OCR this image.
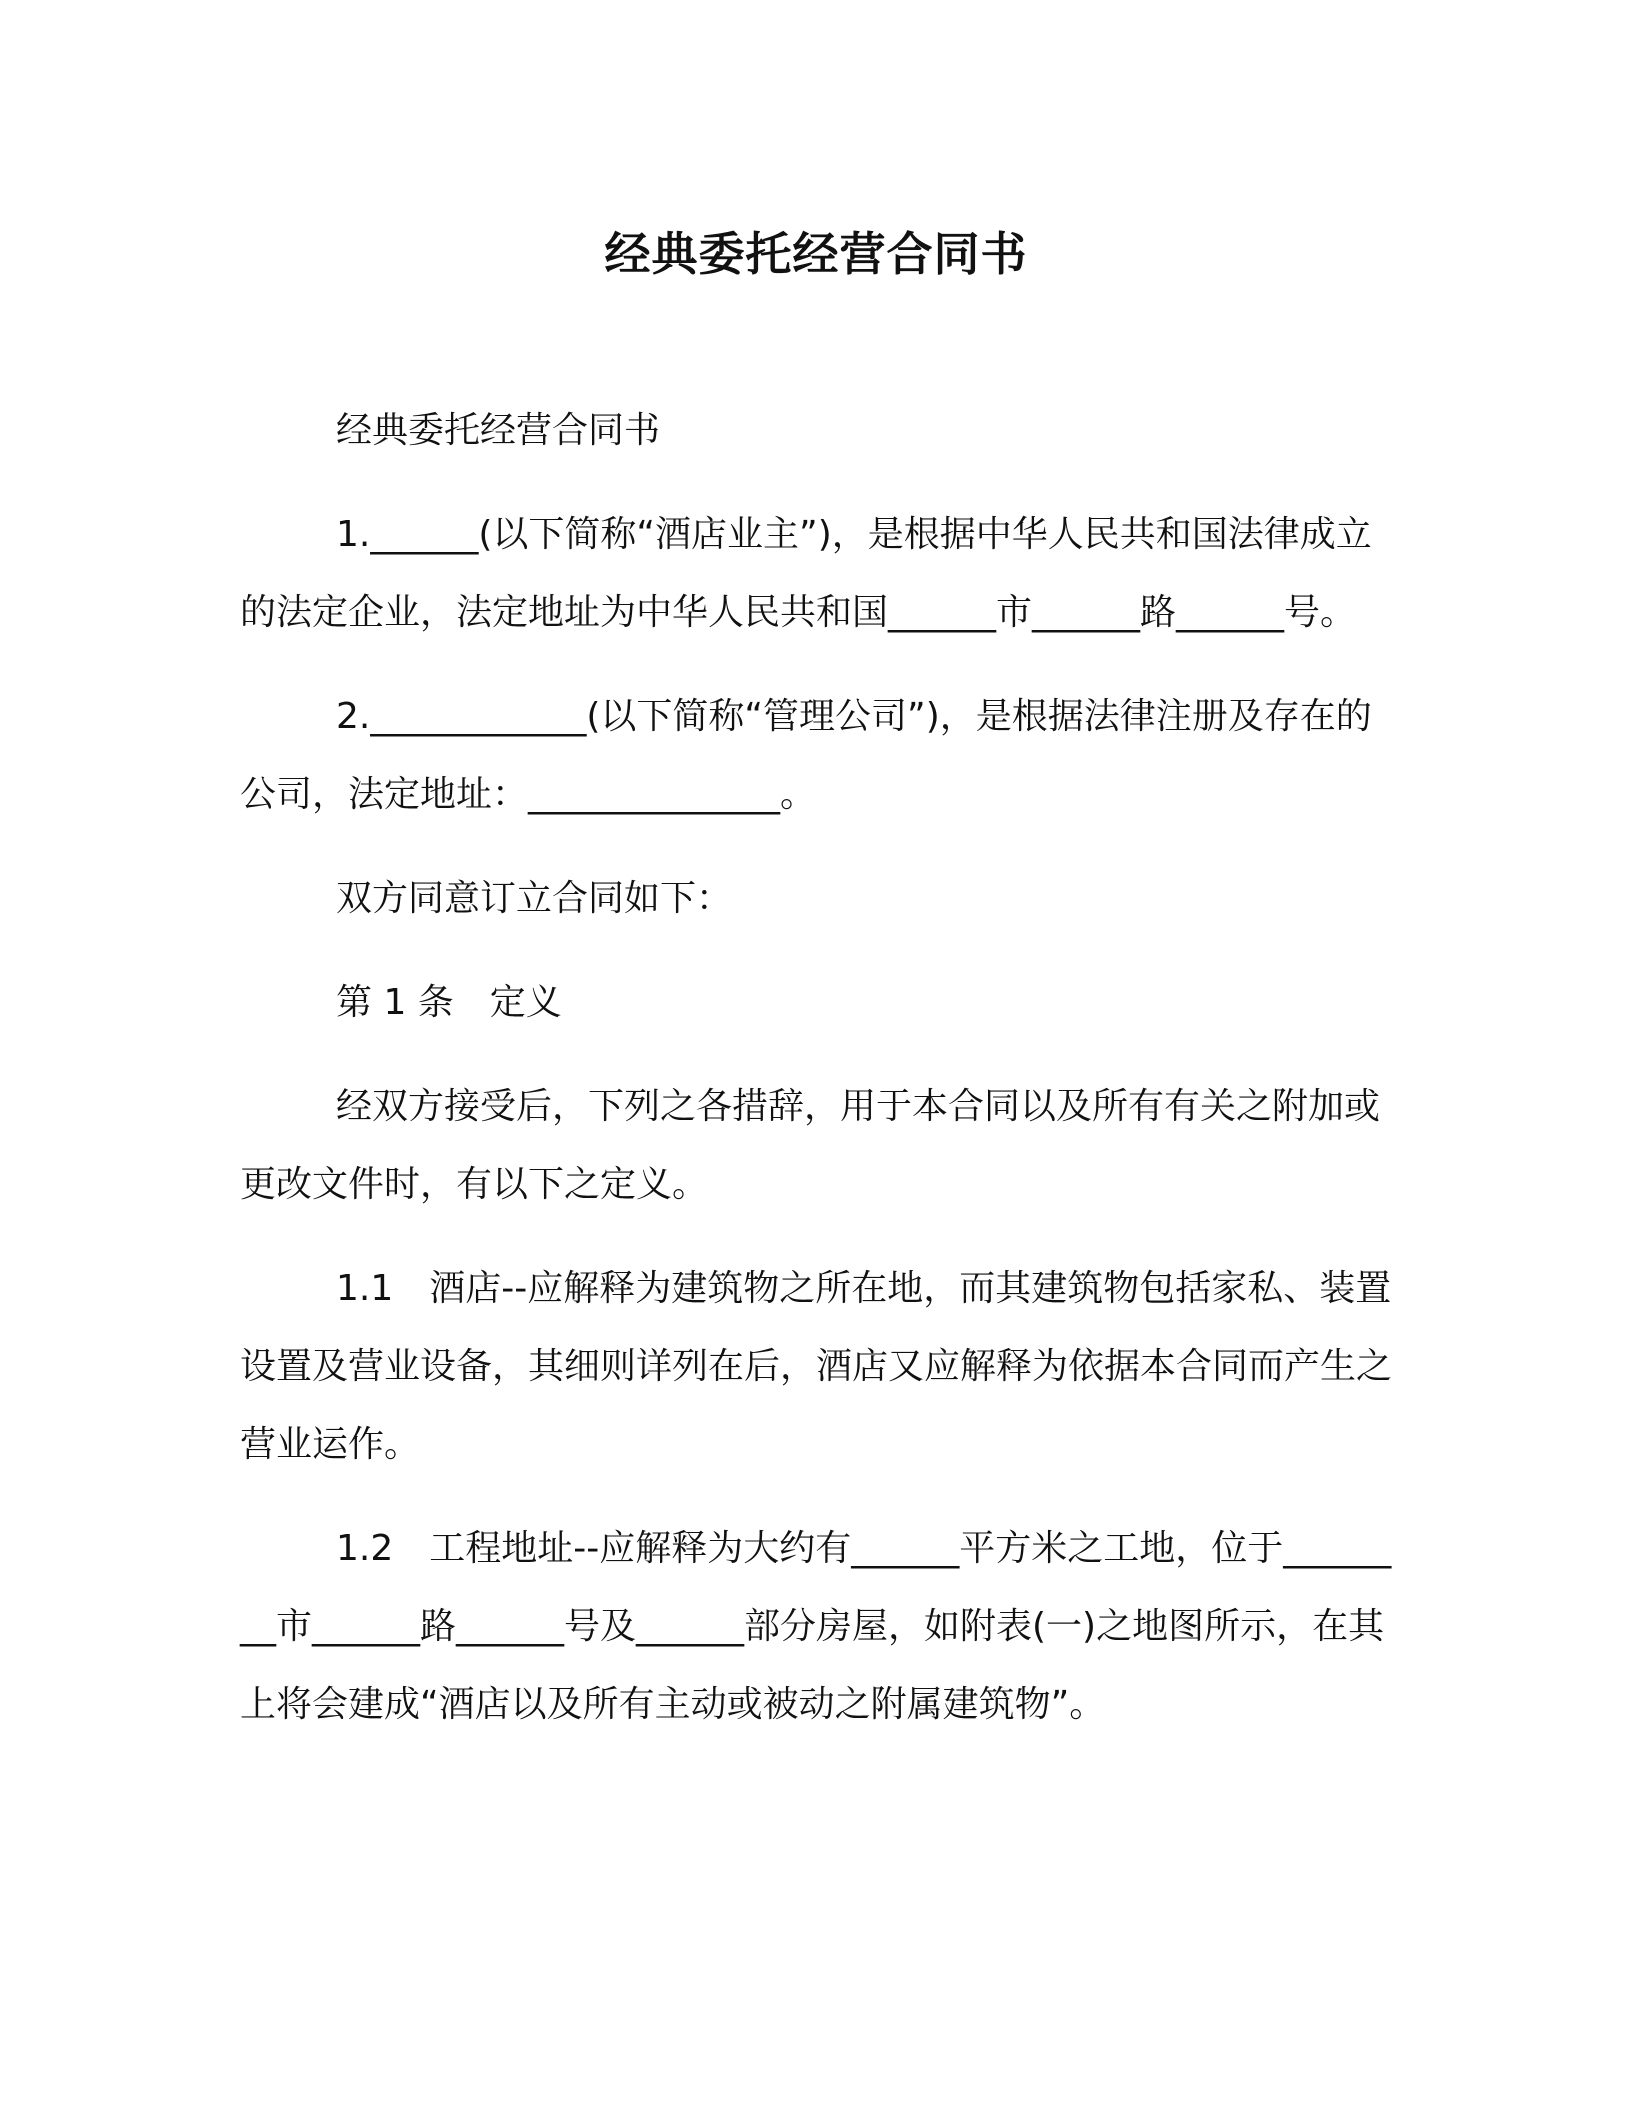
经典委托经营合同书

经典委托经营合同书

1.______(以下简称“酒店业主”)，是根据中华人民共和国法律成立的法定企业，法定地址为中华人民共和国______市______路______号。

2.____________(以下简称“管理公司”)，是根据法律注册及存在的公司，法定地址：______________。

双方同意订立合同如下：

第 1 条　定义

经双方接受后，下列之各措辞，用于本合同以及所有有关之附加或更改文件时，有以下之定义。

1.1　酒店--应解释为建筑物之所在地，而其建筑物包括家私、装置设置及营业设备，其细则详列在后，酒店又应解释为依据本合同而产生之营业运作。

1.2　工程地址--应解释为大约有______平方米之工地，位于________市______路______号及______部分房屋，如附表(一)之地图所示，在其上将会建成“酒店以及所有主动或被动之附属建筑物”。
